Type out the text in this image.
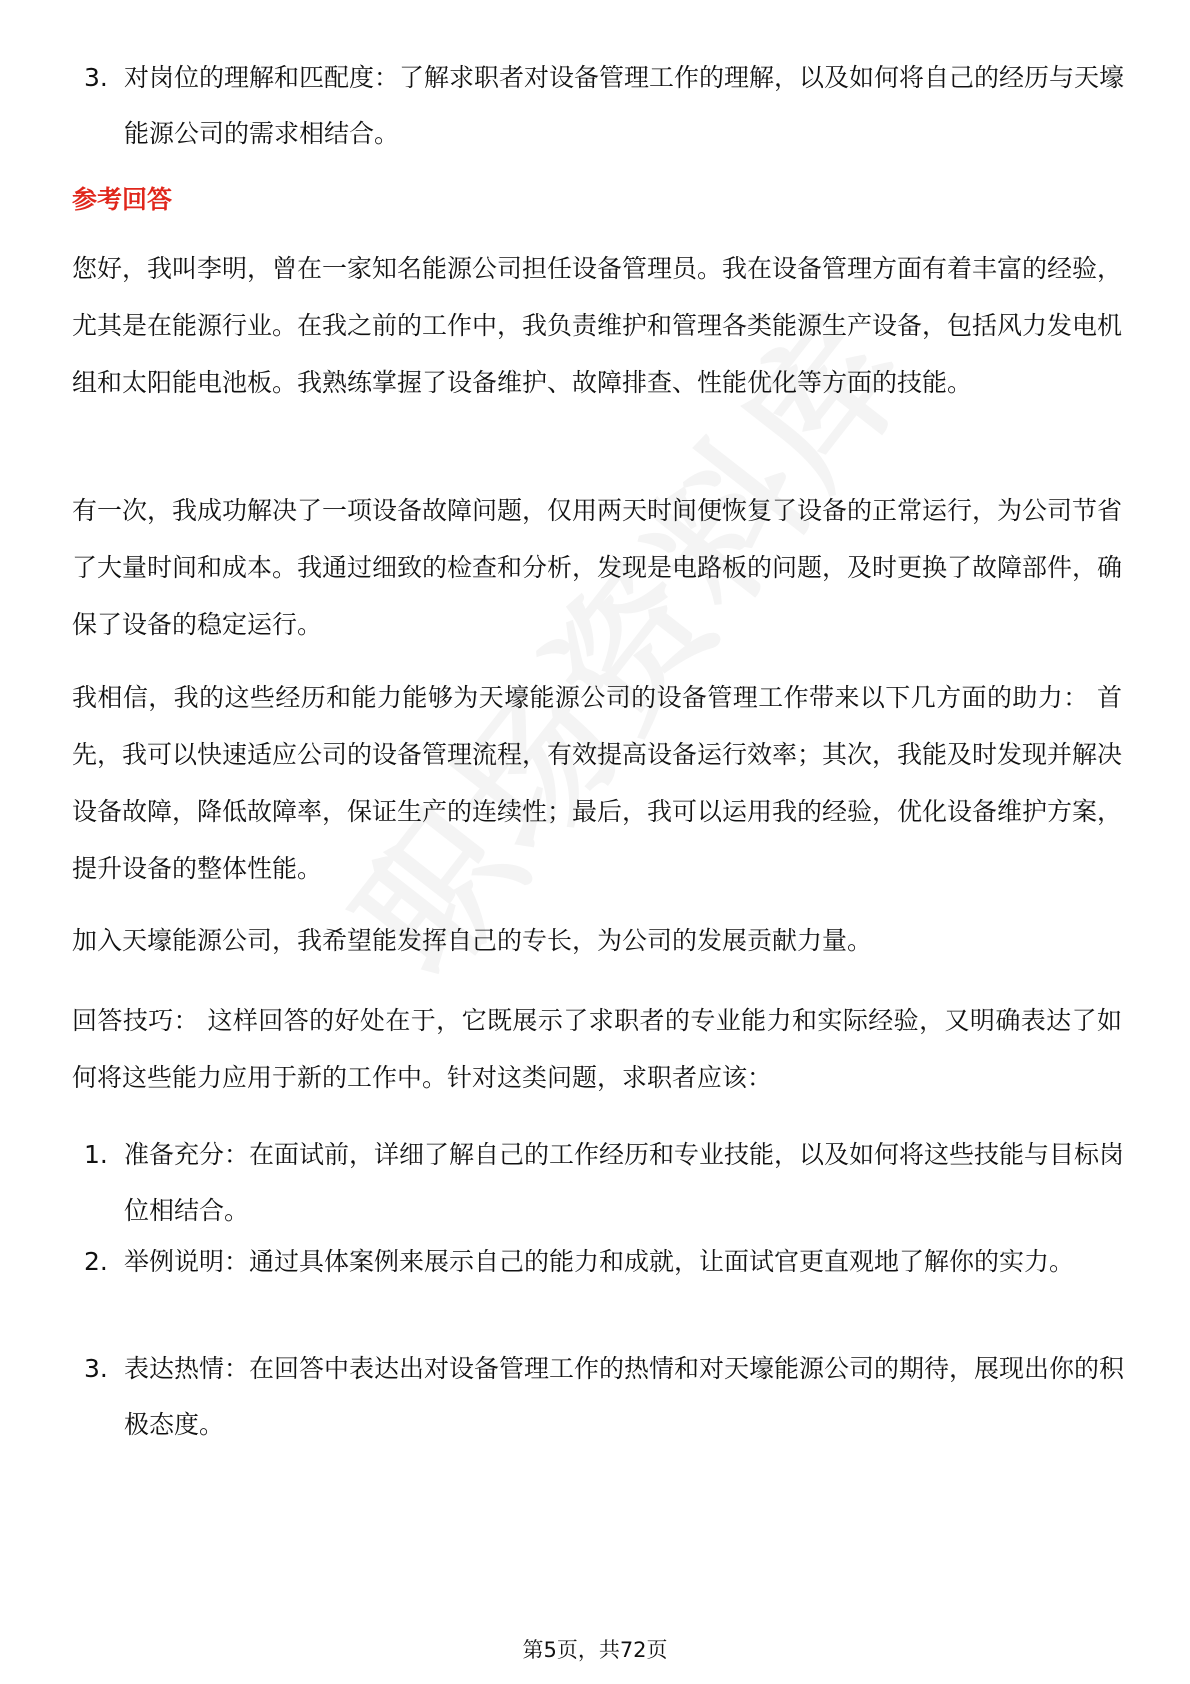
3. 对岗位的理解和匹配度：了解求职者对设备管理工作的理解，以及如何将自己的经历与天壕能源公司的需求相结合。
参考回答
您好，我叫李明，曾在一家知名能源公司担任设备管理员。我在设备管理方面有着丰富的经验，尤其是在能源行业。在我之前的工作中，我负责维护和管理各类能源生产设备，包括风力发电机组和太阳能电池板。我熟练掌握了设备维护、故障排查、性能优化等方面的技能。
有一次，我成功解决了一项设备故障问题，仅用两天时间便恢复了设备的正常运行，为公司节省了大量时间和成本。我通过细致的检查和分析，发现是电路板的问题，及时更换了故障部件，确保了设备的稳定运行。
我相信，我的这些经历和能力能够为天壕能源公司的设备管理工作带来以下几方面的助力： 首先，我可以快速适应公司的设备管理流程，有效提高设备运行效率；其次，我能及时发现并解决设备故障，降低故障率，保证生产的连续性；最后，我可以运用我的经验，优化设备维护方案，提升设备的整体性能。
加入天壕能源公司，我希望能发挥自己的专长，为公司的发展贡献力量。
回答技巧： 这样回答的好处在于，它既展示了求职者的专业能力和实际经验，又明确表达了如何将这些能力应用于新的工作中。针对这类问题，求职者应该：
1. 准备充分：在面试前，详细了解自己的工作经历和专业技能，以及如何将这些技能与目标岗位相结合。
2. 举例说明：通过具体案例来展示自己的能力和成就，让面试官更直观地了解你的实力。
3. 表达热情：在回答中表达出对设备管理工作的热情和对天壕能源公司的期待，展现出你的积极态度。
第5页，共72页
